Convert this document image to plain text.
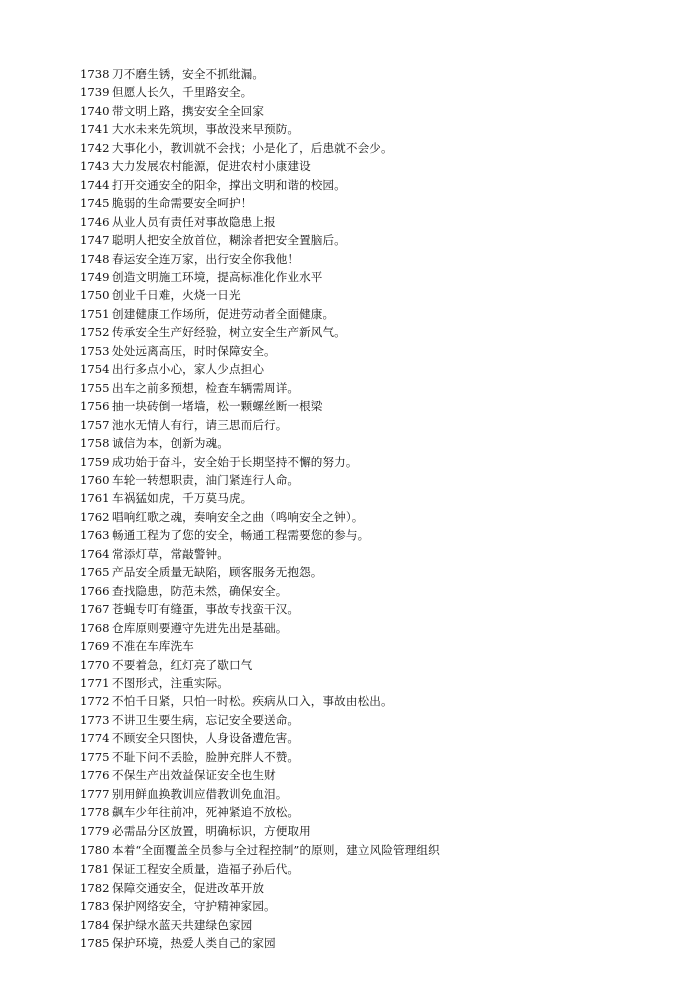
1738 刀不磨生锈，安全不抓纰漏。
1739 但愿人长久，千里路安全。
1740 带文明上路，携安安全全回家
1741 大水未来先筑坝，事故没来早预防。
1742 大事化小，教训就不会找；小是化了，后患就不会少。
1743 大力发展农村能源，促进农村小康建设
1744 打开交通安全的阳伞，撑出文明和谐的校园。
1745 脆弱的生命需要安全呵护！
1746 从业人员有责任对事故隐患上报
1747 聪明人把安全放首位，糊涂者把安全置脑后。
1748 春运安全连万家，出行安全你我他！
1749 创造文明施工环境，提高标准化作业水平
1750 创业千日难，火烧一日光
1751 创建健康工作场所，促进劳动者全面健康。
1752 传承安全生产好经验，树立安全生产新风气。
1753 处处远离高压，时时保障安全。
1754 出行多点小心，家人少点担心
1755 出车之前多预想，检查车辆需周详。
1756 抽一块砖倒一堵墙，松一颗螺丝断一根梁
1757 池水无情人有行，请三思而后行。
1758 诚信为本，创新为魂。
1759 成功始于奋斗，安全始于长期坚持不懈的努力。
1760 车轮一转想职责，油门紧连行人命。
1761 车祸猛如虎，千万莫马虎。
1762 唱响红歌之魂，奏响安全之曲（鸣响安全之钟）。
1763 畅通工程为了您的安全，畅通工程需要您的参与。
1764 常添灯草，常敲警钟。
1765 产品安全质量无缺陷，顾客服务无抱怨。
1766 查找隐患，防范未然，确保安全。
1767 苍蝇专叮有缝蛋，事故专找蛮干汉。
1768 仓库原则要遵守先进先出是基础。
1769 不准在车库洗车
1770 不要着急，红灯亮了歇口气
1771 不图形式，注重实际。
1772 不怕千日紧，只怕一时松。疾病从口入，事故由松出。
1773 不讲卫生要生病，忘记安全要送命。
1774 不顾安全只图快，人身设备遭危害。
1775 不耻下问不丢脸，脸肿充胖人不赞。
1776 不保生产出效益保证安全也生财
1777 别用鲜血换教训应借教训免血泪。
1778 飙车少年往前冲，死神紧追不放松。
1779 必需品分区放置，明确标识，方便取用
1780 本着“全面覆盖全员参与全过程控制”的原则，建立风险管理组织
1781 保证工程安全质量，造福子孙后代。
1782 保障交通安全，促进改革开放
1783 保护网络安全，守护精神家园。
1784 保护绿水蓝天共建绿色家园
1785 保护环境，热爱人类自己的家园
